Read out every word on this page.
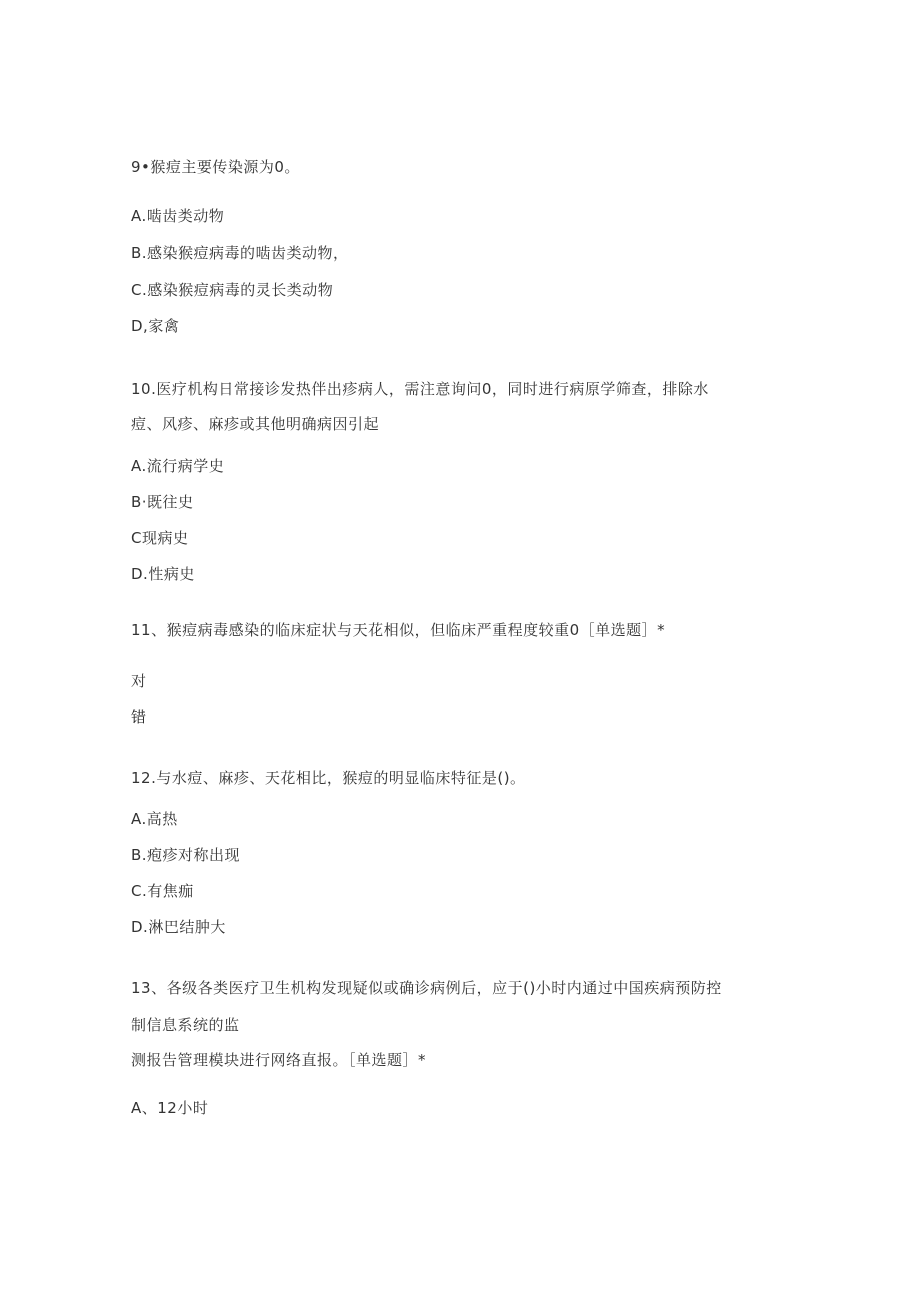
9•猴痘主要传染源为0。
A.啮齿类动物
B.感染猴痘病毒的啮齿类动物，
C.感染猴痘病毒的灵长类动物
D,家禽
10.医疗机构日常接诊发热伴出疹病人，需注意询问0，同时进行病原学筛查，排除水
痘、风疹、麻疹或其他明确病因引起
A.流行病学史
B·既往史
C现病史
D.性病史
11、猴痘病毒感染的临床症状与天花相似，但临床严重程度较重0［单选题］*
对
错
12.与水痘、麻疹、天花相比，猴痘的明显临床特征是()。
A.高热
B.疱疹对称出现
C.有焦痂
D.淋巴结肿大
13、各级各类医疗卫生机构发现疑似或确诊病例后，应于()小时内通过中国疾病预防控
制信息系统的监
测报告管理模块进行网络直报。［单选题］*
A、12小时
